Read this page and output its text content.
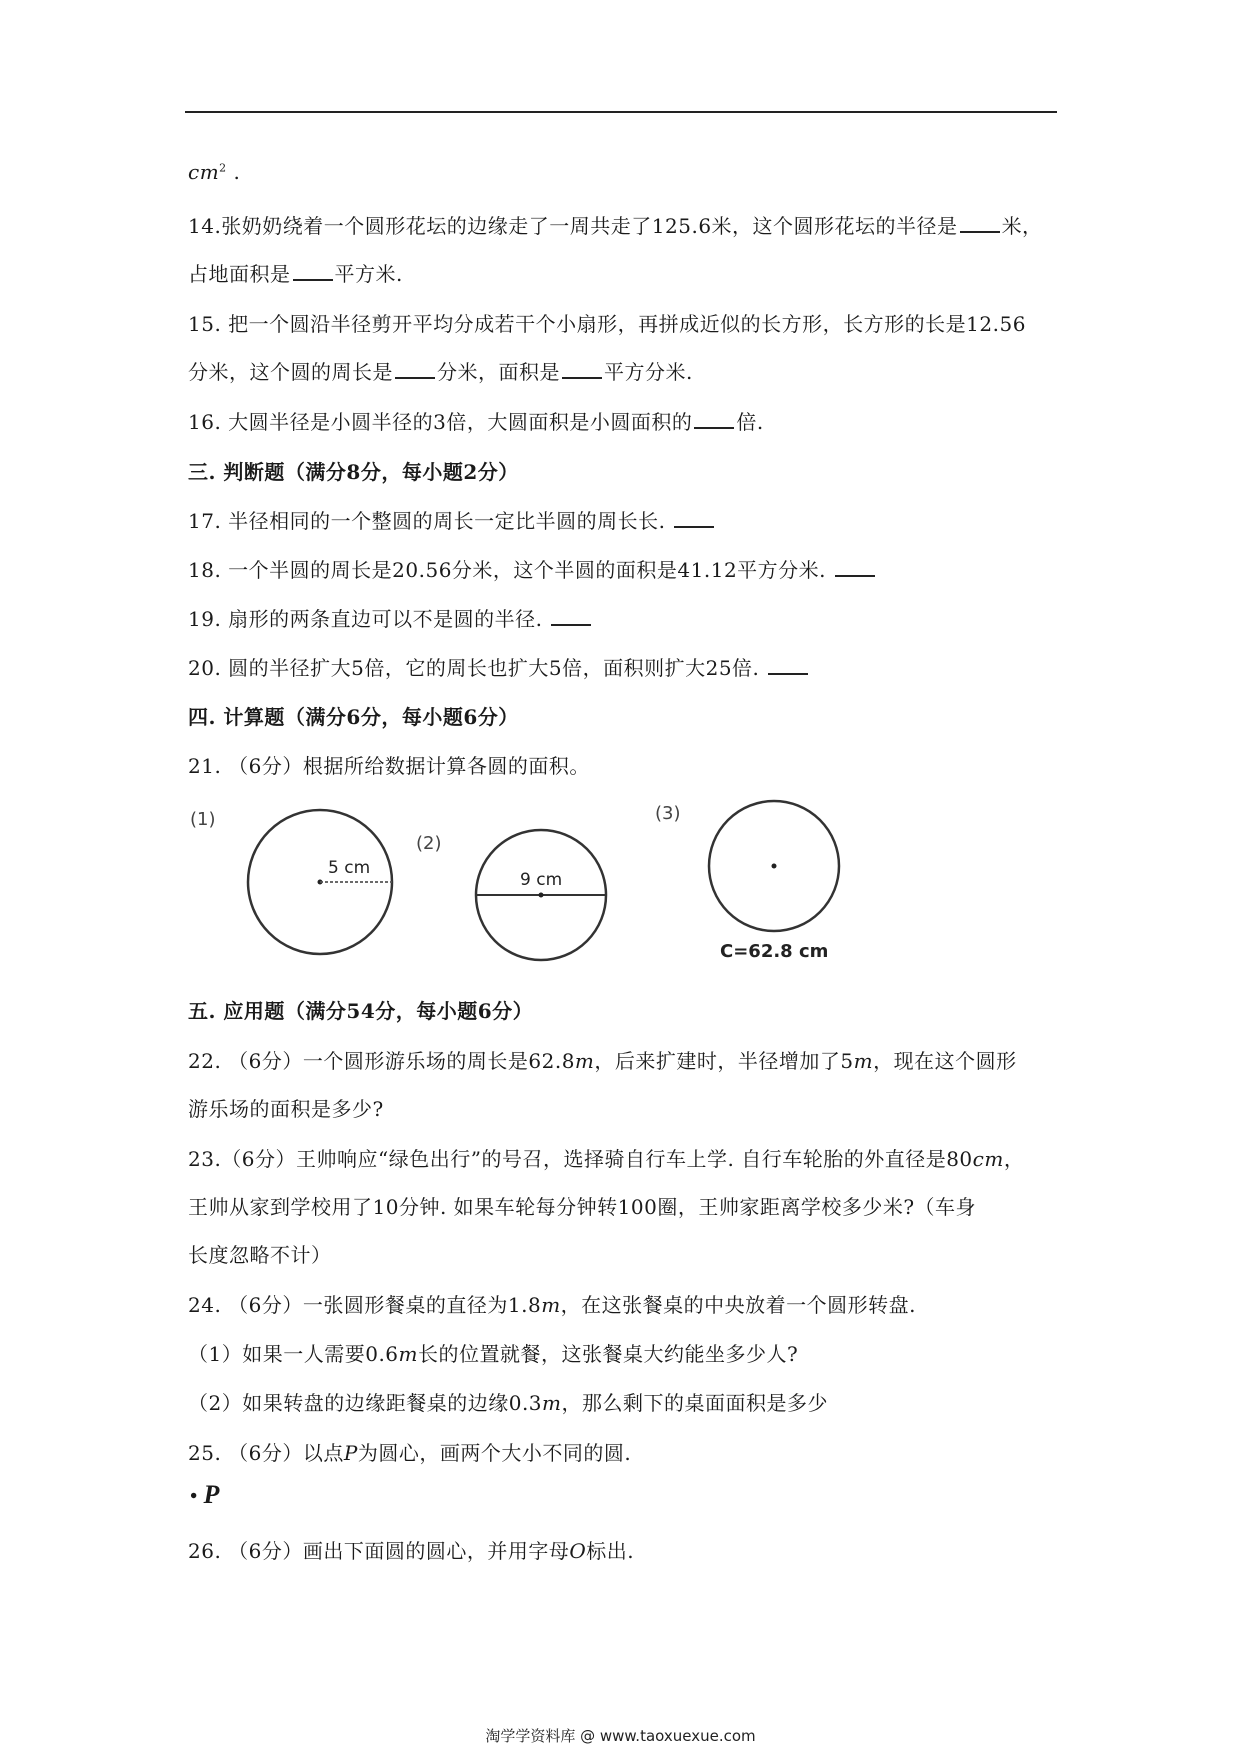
$cm^2$ .
14.张奶奶绕着一个圆形花坛的边缘走了一周共走了125.6米，这个圆形花坛的半径是 米，
占地面积是 平方米.
15. 把一个圆沿半径剪开平均分成若干个小扇形，再拼成近似的长方形，长方形的长是12.56
分米，这个圆的周长是 分米，面积是 平方分米.
16. 大圆半径是小圆半径的3倍，大圆面积是小圆面积的 倍.
三. 判断题（满分8分，每小题2分）
17. 半径相同的一个整圆的周长一定比半圆的周长长.
18. 一个半圆的周长是20.56分米，这个半圆的面积是41.12平方分米.
19. 扇形的两条直边可以不是圆的半径.
20. 圆的半径扩大5倍，它的周长也扩大5倍，面积则扩大25倍.
四. 计算题（满分6分，每小题6分）
21. （6分）根据所给数据计算各圆的面积。
(1)
5 cm
(2)
9 cm
(3)
C=62.8 cm
五. 应用题（满分54分，每小题6分）
22. （6分）一个圆形游乐场的周长是62.8m，后来扩建时，半径增加了5m，现在这个圆形
游乐场的面积是多少?
23.（6分）王帅响应“绿色出行”的号召，选择骑自行车上学. 自行车轮胎的外直径是80cm，
王帅从家到学校用了10分钟. 如果车轮每分钟转100圈，王帅家距离学校多少米?（车身
长度忽略不计）
24. （6分）一张圆形餐桌的直径为1.8m，在这张餐桌的中央放着一个圆形转盘.
（1）如果一人需要0.6m长的位置就餐，这张餐桌大约能坐多少人?
（2）如果转盘的边缘距餐桌的边缘0.3m，那么剩下的桌面面积是多少
25. （6分）以点P为圆心，画两个大小不同的圆.
• P
26. （6分）画出下面圆的圆心，并用字母O标出.
淘学学资料库 @ www.taoxuexue.com
